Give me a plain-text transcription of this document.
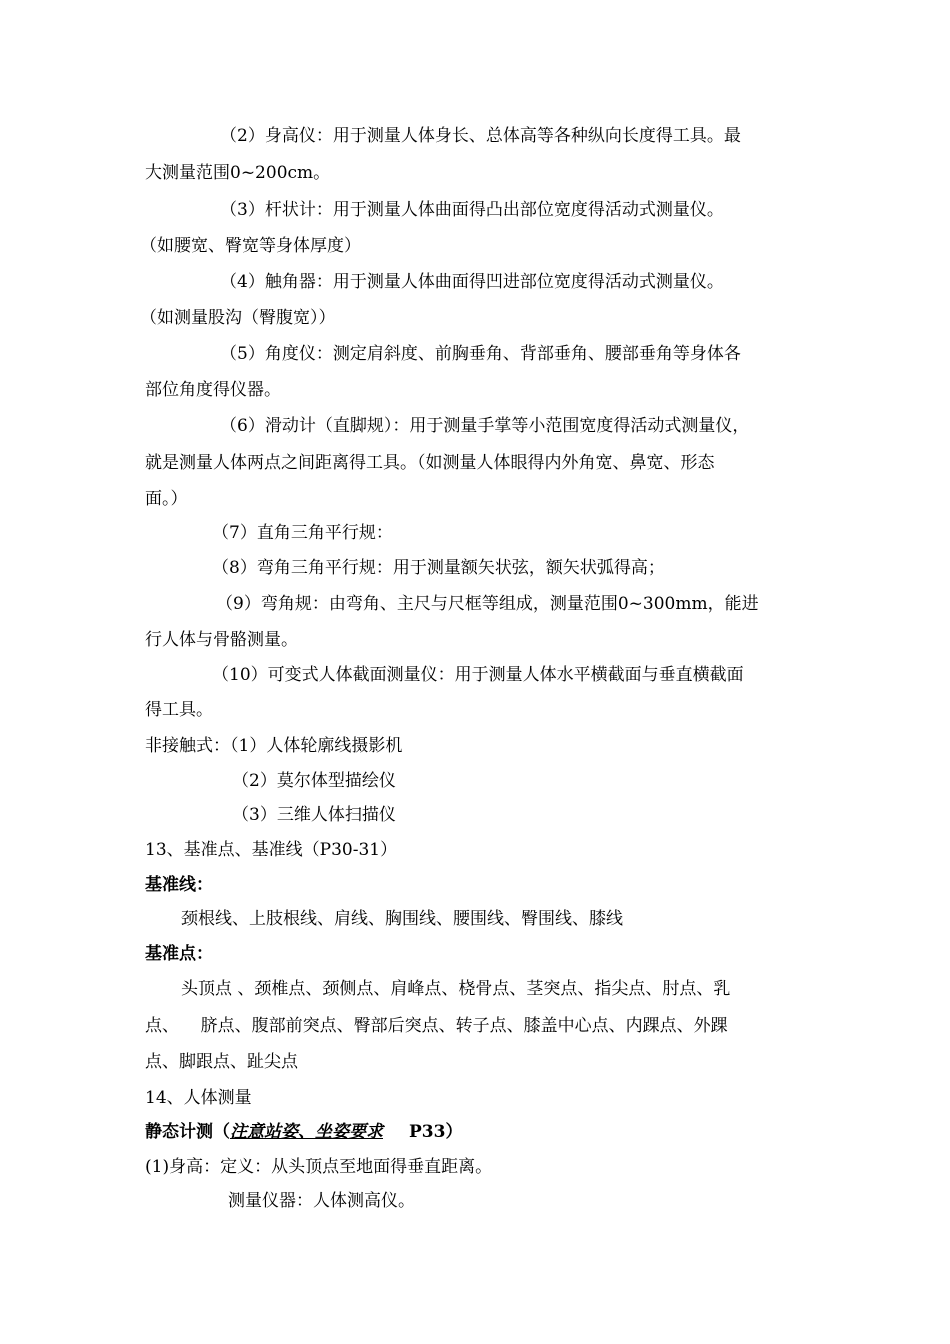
（2）身高仪：用于测量人体身长、总体高等各种纵向长度得工具。最
大测量范围0~200cm。
（3）杆状计：用于测量人体曲面得凸出部位宽度得活动式测量仪。
（如腰宽、臀宽等身体厚度）
（4）触角器：用于测量人体曲面得凹进部位宽度得活动式测量仪。
（如测量股沟（臀腹宽））
（5）角度仪：测定肩斜度、前胸垂角、背部垂角、腰部垂角等身体各
部位角度得仪器。
（6）滑动计（直脚规）：用于测量手掌等小范围宽度得活动式测量仪，
就是测量人体两点之间距离得工具。（如测量人体眼得内外角宽、鼻宽、形态
面。）
（7）直角三角平行规：
（8）弯角三角平行规：用于测量额矢状弦，额矢状弧得高；
（9）弯角规：由弯角、主尺与尺框等组成，测量范围0~300mm，能进
行人体与骨骼测量。
（10）可变式人体截面测量仪：用于测量人体水平横截面与垂直横截面
得工具。
非接触式：（1）人体轮廓线摄影机
（2）莫尔体型描绘仪
（3）三维人体扫描仪
13、基准点、基准线（P30-31）
基准线：
颈根线、上肢根线、肩线、胸围线、腰围线、臀围线、膝线
基准点：
头顶点 、颈椎点、颈侧点、肩峰点、桡骨点、茎突点、指尖点、肘点、乳
点、    脐点、腹部前突点、臀部后突点、转子点、膝盖中心点、内踝点、外踝
点、脚跟点、趾尖点
14、人体测量
静态计测（注意站姿、坐姿要求 P33）
(1)身高：定义：从头顶点至地面得垂直距离。
测量仪器：人体测高仪。
